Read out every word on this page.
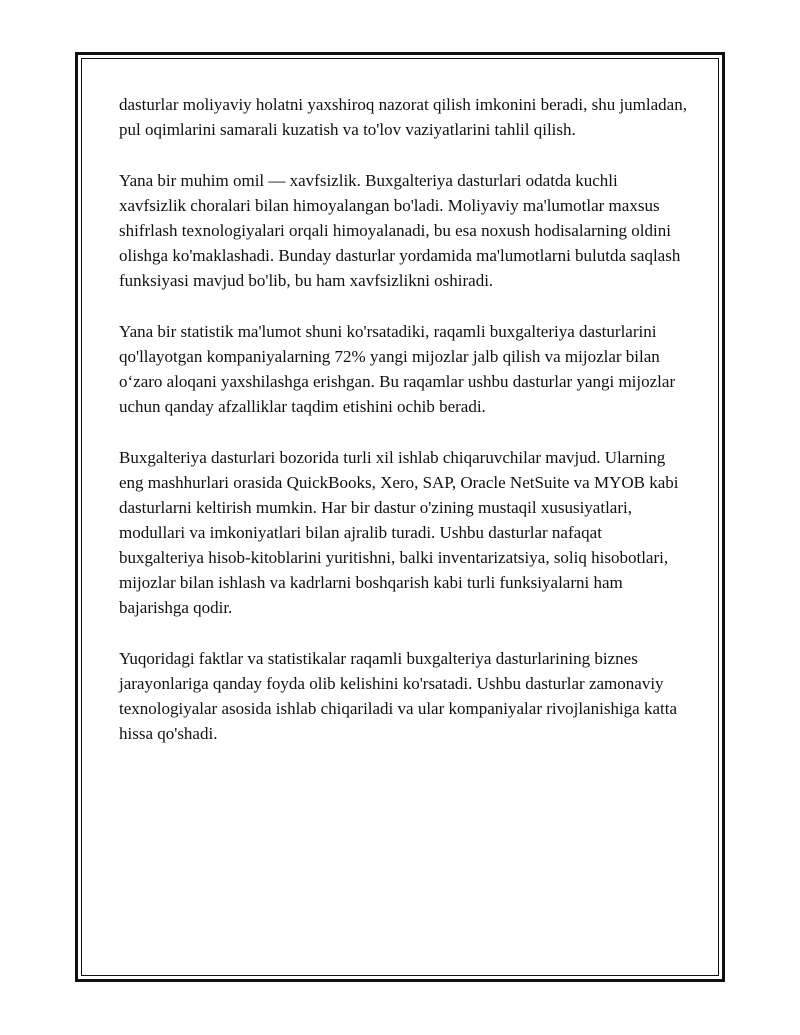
dasturlar moliyaviy holatni yaxshiroq nazorat qilish imkonini beradi, shu jumladan, pul oqimlarini samarali kuzatish va to'lov vaziyatlarini tahlil qilish.

Yana bir muhim omil — xavfsizlik. Buxgalteriya dasturlari odatda kuchli xavfsizlik choralari bilan himoyalangan bo'ladi. Moliyaviy ma'lumotlar maxsus shifrlash texnologiyalari orqali himoyalanadi, bu esa noxush hodisalarning oldini olishga ko'maklashadi. Bunday dasturlar yordamida ma'lumotlarni bulutda saqlash funksiyasi mavjud bo'lib, bu ham xavfsizlikni oshiradi.

Yana bir statistik ma'lumot shuni ko'rsatadiki, raqamli buxgalteriya dasturlarini qo'llayotgan kompaniyalarning 72% yangi mijozlar jalb qilish va mijozlar bilan o‘zaro aloqani yaxshilashga erishgan. Bu raqamlar ushbu dasturlar yangi mijozlar uchun qanday afzalliklar taqdim etishini ochib beradi.

Buxgalteriya dasturlari bozorida turli xil ishlab chiqaruvchilar mavjud. Ularning eng mashhurlari orasida QuickBooks, Xero, SAP, Oracle NetSuite va MYOB kabi dasturlarni keltirish mumkin. Har bir dastur o'zining mustaqil xususiyatlari, modullari va imkoniyatlari bilan ajralib turadi. Ushbu dasturlar nafaqat buxgalteriya hisob-kitoblarini yuritishni, balki inventarizatsiya, soliq hisobotlari, mijozlar bilan ishlash va kadrlarni boshqarish kabi turli funksiyalarni ham bajarishga qodir.

Yuqoridagi faktlar va statistikalar raqamli buxgalteriya dasturlarining biznes jarayonlariga qanday foyda olib kelishini ko'rsatadi. Ushbu dasturlar zamonaviy texnologiyalar asosida ishlab chiqariladi va ular kompaniyalar rivojlanishiga katta hissa qo'shadi.
